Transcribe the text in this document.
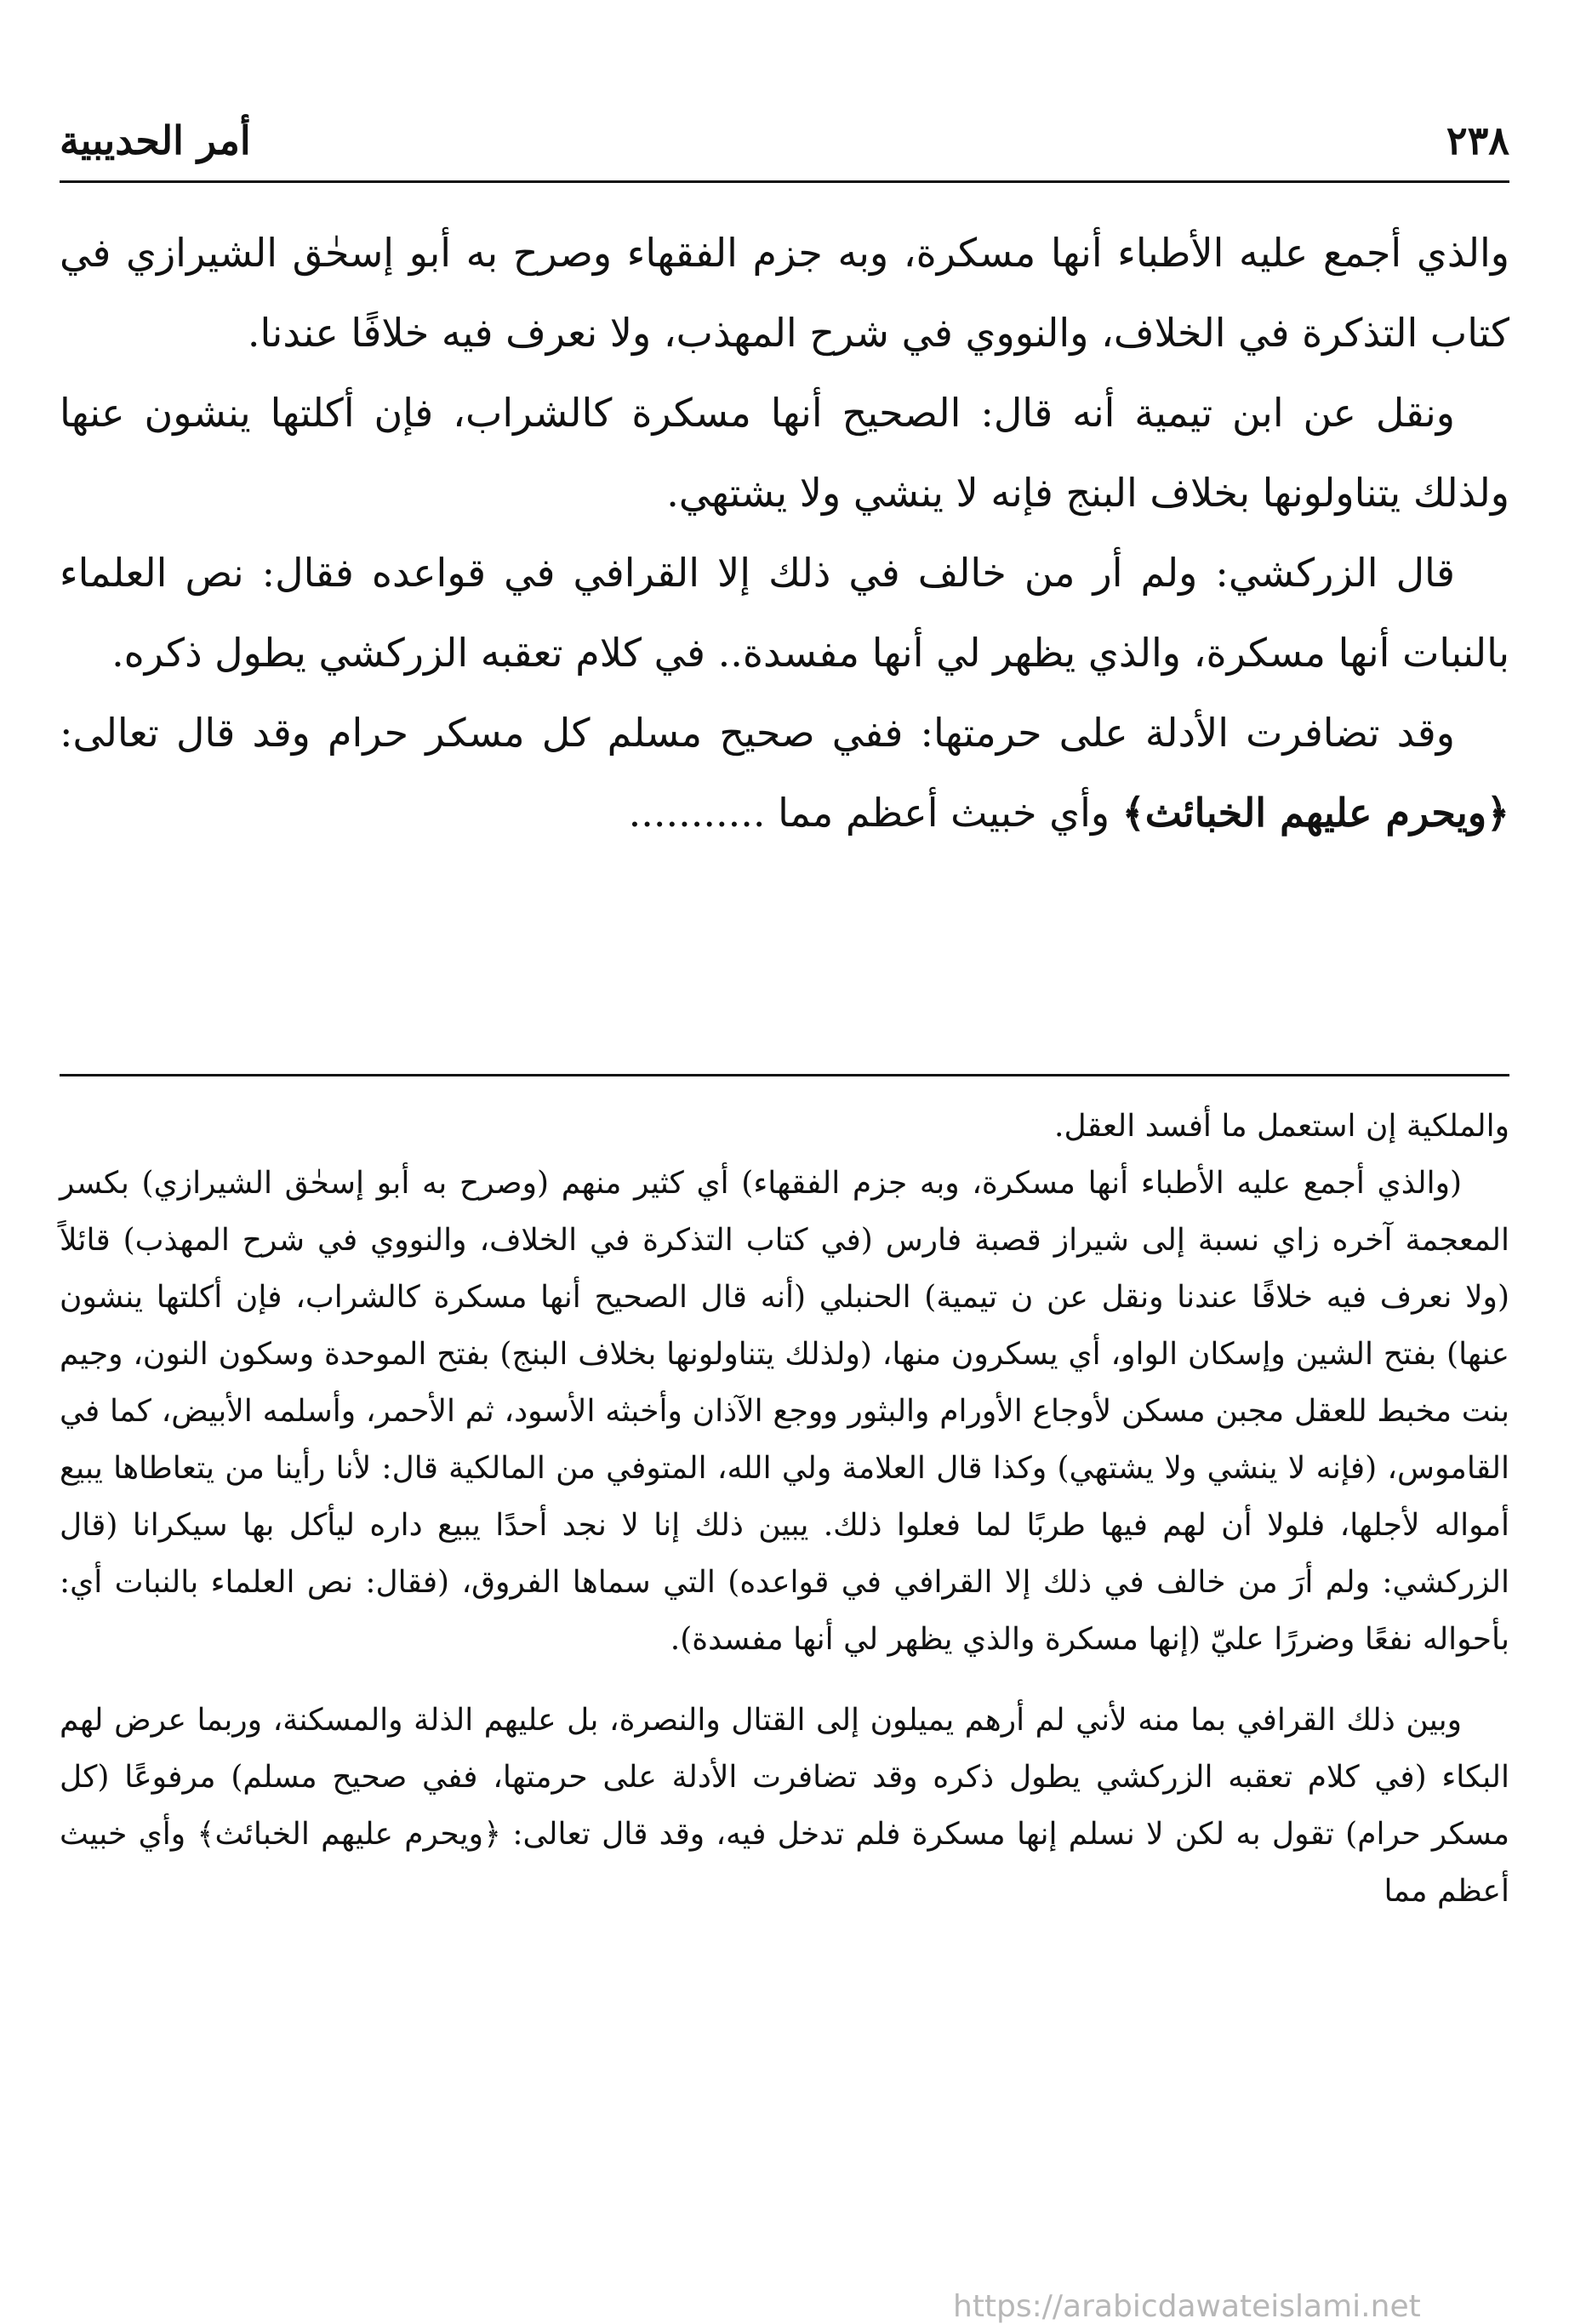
٢٣٨
أمر الحديبية

والذي أجمع عليه الأطباء أنها مسكرة، وبه جزم الفقهاء وصرح به أبو إسحٰق الشيرازي في كتاب التذكرة في الخلاف، والنووي في شرح المهذب، ولا نعرف فيه خلافًا عندنا.

ونقل عن ابن تيمية أنه قال: الصحيح أنها مسكرة كالشراب، فإن أكلتها ينشون عنها ولذلك يتناولونها بخلاف البنج فإنه لا ينشي ولا يشتهي.

قال الزركشي: ولم أر من خالف في ذلك إلا القرافي في قواعده فقال: نص العلماء بالنبات أنها مسكرة، والذي يظهر لي أنها مفسدة.. في كلام تعقبه الزركشي يطول ذكره.

وقد تضافرت الأدلة على حرمتها: ففي صحيح مسلم كل مسكر حرام وقد قال تعالى: ﴿ويحرم عليهم الخبائث﴾ وأي خبيث أعظم مما ...........

والملكية إن استعمل ما أفسد العقل.

(والذي أجمع عليه الأطباء أنها مسكرة، وبه جزم الفقهاء) أي كثير منهم (وصرح به أبو إسحٰق الشيرازي) بكسر المعجمة آخره زاي نسبة إلى شيراز قصبة فارس (في كتاب التذكرة في الخلاف، والنووي في شرح المهذب) قائلاً (ولا نعرف فيه خلافًا عندنا ونقل عن ن تيمية) الحنبلي (أنه قال الصحيح أنها مسكرة كالشراب، فإن أكلتها ينشون عنها) بفتح الشين وإسكان الواو، أي يسكرون منها، (ولذلك يتناولونها بخلاف البنج) بفتح الموحدة وسكون النون، وجيم بنت مخبط للعقل مجبن مسكن لأوجاع الأورام والبثور ووجع الآذان وأخبثه الأسود، ثم الأحمر، وأسلمه الأبيض، كما في القاموس، (فإنه لا ينشي ولا يشتهي) وكذا قال العلامة ولي الله، المتوفي من المالكية قال: لأنا رأينا من يتعاطاها يبيع أمواله لأجلها، فلولا أن لهم فيها طربًا لما فعلوا ذلك. يبين ذلك إنا لا نجد أحدًا يبيع داره ليأكل بها سيكرانا (قال الزركشي: ولم أرَ من خالف في ذلك إلا القرافي في قواعده) التي سماها الفروق، (فقال: نص العلماء بالنبات أي: بأحواله نفعًا وضررًا عليّ (إنها مسكرة والذي يظهر لي أنها مفسدة).

وبين ذلك القرافي بما منه لأني لم أرهم يميلون إلى القتال والنصرة، بل عليهم الذلة والمسكنة، وربما عرض لهم البكاء (في كلام تعقبه الزركشي يطول ذكره وقد تضافرت الأدلة على حرمتها، ففي صحيح مسلم) مرفوعًا (كل مسكر حرام) تقول به لكن لا نسلم إنها مسكرة فلم تدخل فيه، وقد قال تعالى: ﴿ويحرم عليهم الخبائث﴾ وأي خبيث أعظم مما

https://arabicdawateislami.net
